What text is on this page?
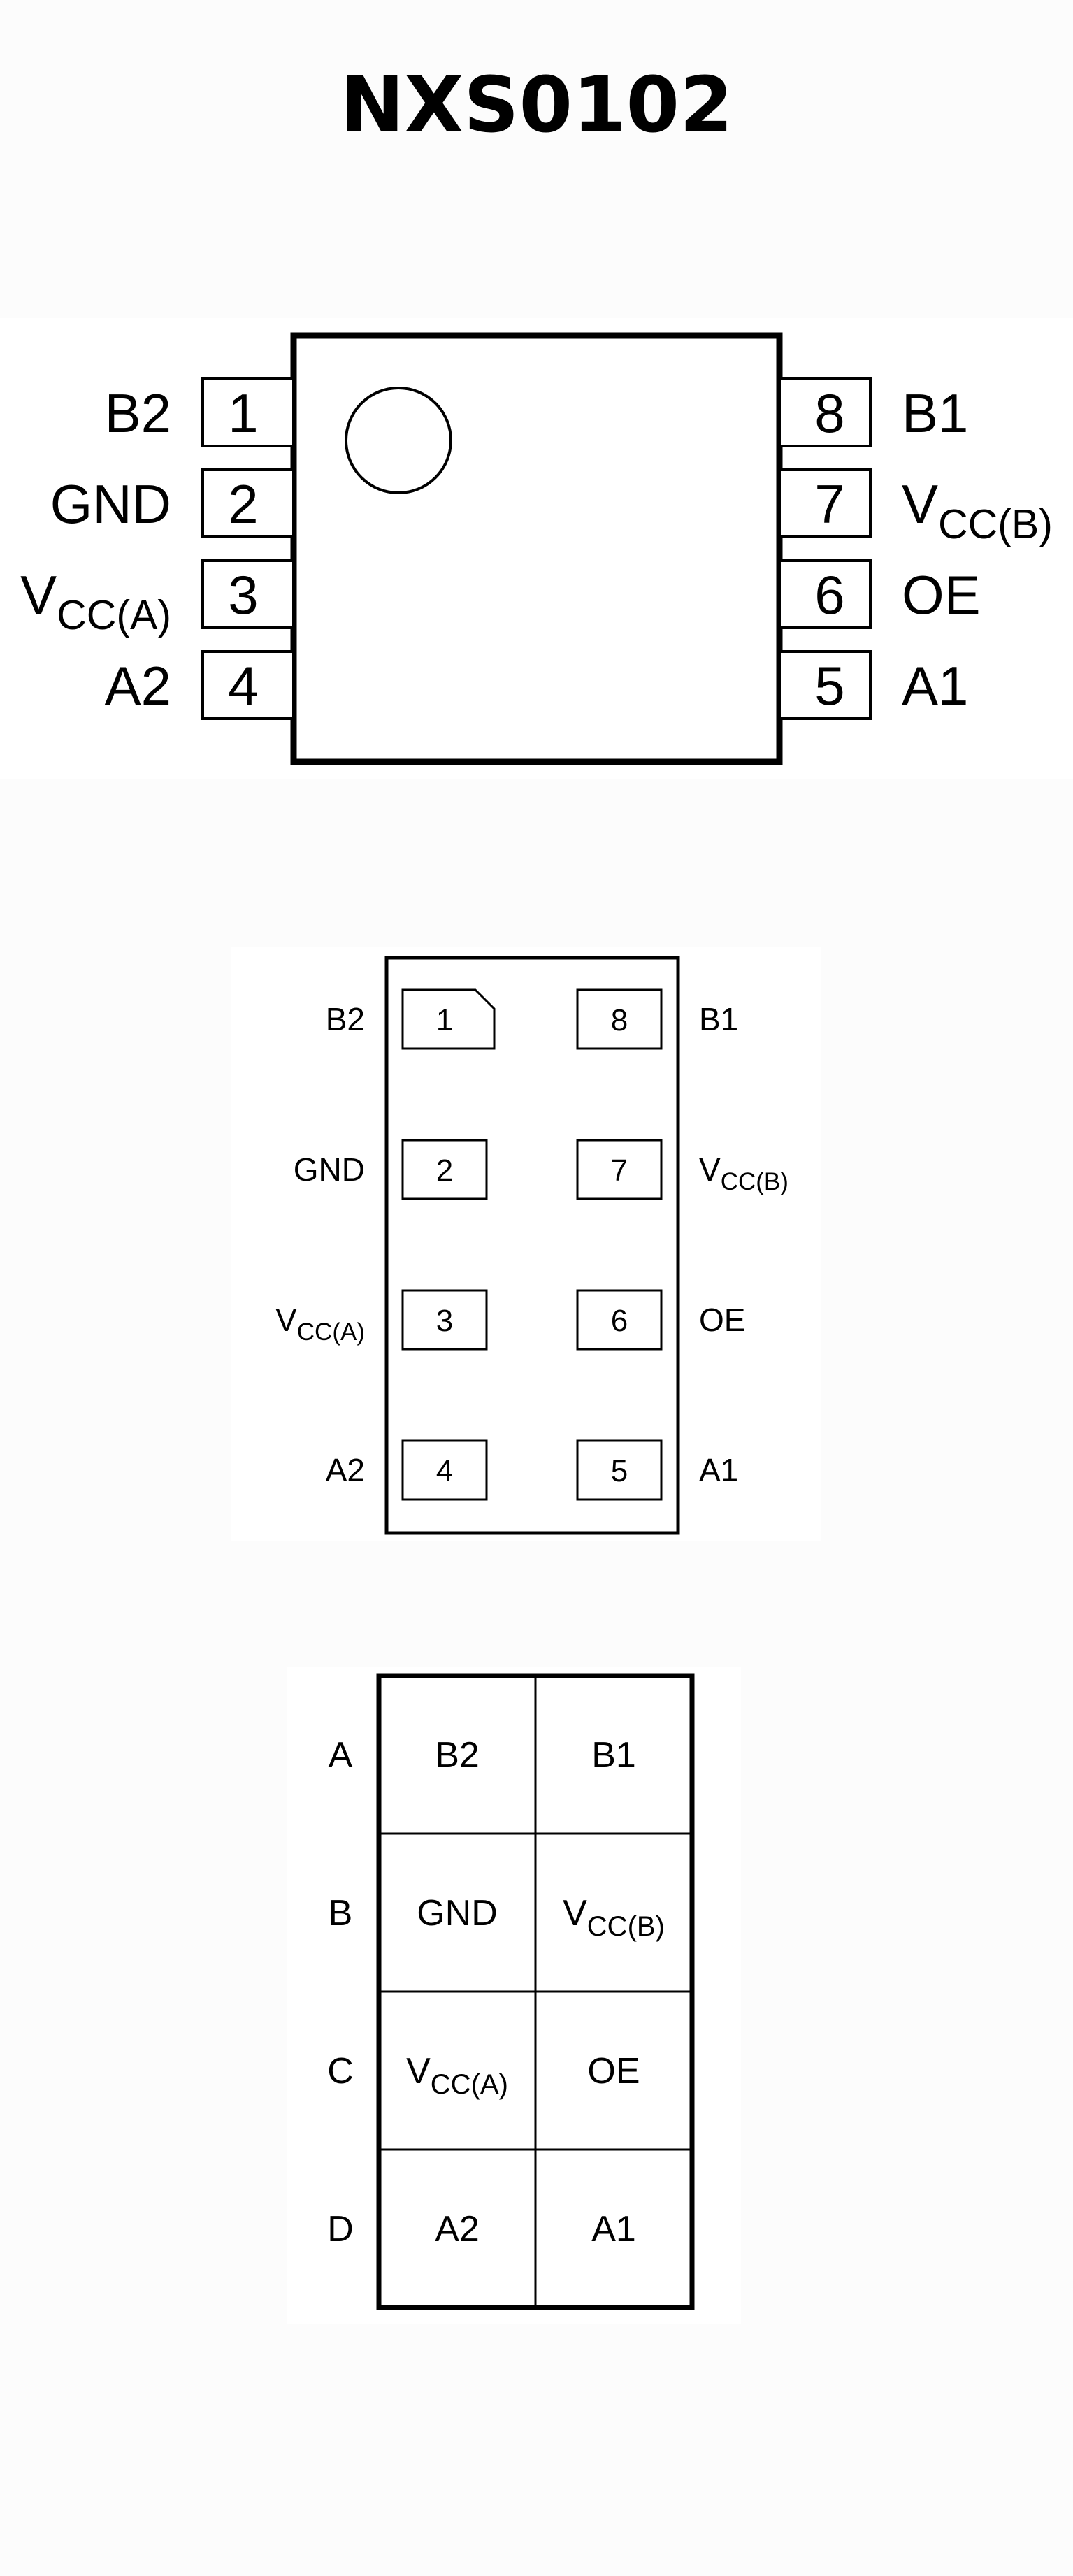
NXS0102
1
B2
2
GND
3
$V_{CC(A)}$
4
A2
8 B1
7 $V_{CC(B)}$
6 OE
5 A1
1
B2
2
GND
3
$V_{CC(A)}$
4
A2
8 B1
7 $V_{CC(B)}$
6 OE
5 A1
A B2	B1
B GND $V_{CC(B)}$
C $V_{CC(A)}$ OE
D A2	A1
